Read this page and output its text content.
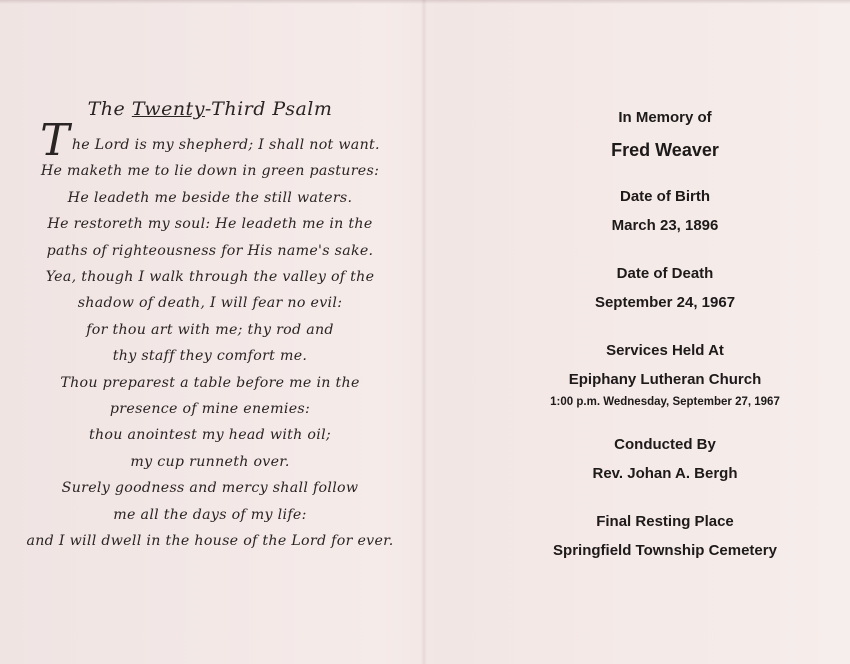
The Twenty-Third Psalm
The Lord is my shepherd; I shall not want.
He maketh me to lie down in green pastures:
He leadeth me beside the still waters.
He restoreth my soul: He leadeth me in the
paths of righteousness for His name's sake.
Yea, though I walk through the valley of the
shadow of death, I will fear no evil:
for thou art with me; thy rod and
thy staff they comfort me.
Thou preparest a table before me in the
presence of mine enemies:
thou anointest my head with oil;
my cup runneth over.
Surely goodness and mercy shall follow
me all the days of my life:
and I will dwell in the house of the Lord for ever.
In Memory of
Fred Weaver
Date of Birth
March 23, 1896
Date of Death
September 24, 1967
Services Held At
Epiphany Lutheran Church
1:00 p.m. Wednesday, September 27, 1967
Conducted By
Rev. Johan A. Bergh
Final Resting Place
Springfield Township Cemetery
